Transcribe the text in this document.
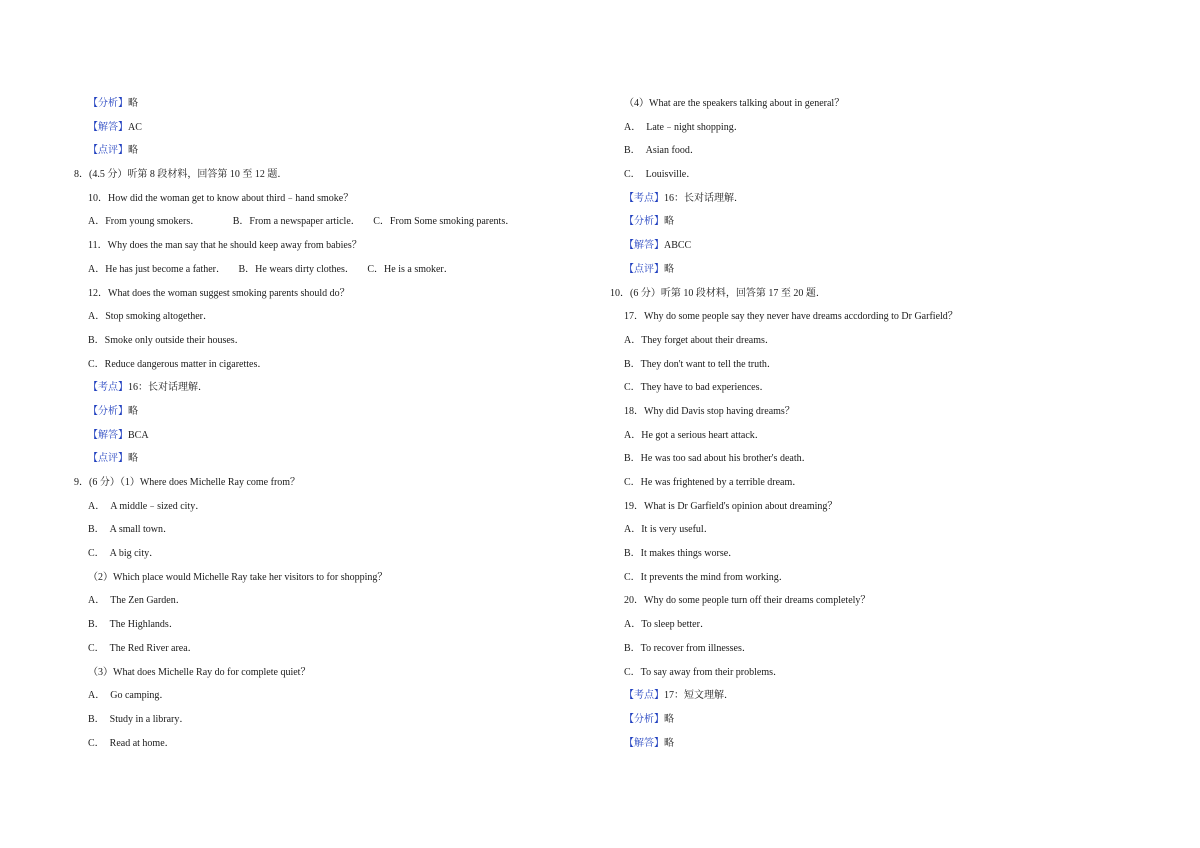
【分析】略
【解答】AC
【点评】略
8．(4.5 分）听第 8 段材料，回答第 10 至 12 题．
10．How did the woman get to know about third﹣hand smoke？
A．From young smokers．	B．From a newspaper article． C．From Some smoking parents．
11．Why does the man say that he should keep away from babies？
A．He has just become a father． B．He wears dirty clothes． C．He is a smoker．
12．What does the woman suggest smoking parents should do？
A．Stop smoking altogether．
B．Smoke only outside their houses．
C．Reduce dangerous matter in cigarettes．
【考点】16：长对话理解．
【分析】略
【解答】BCA
【点评】略
9．(6 分）（1）Where does Michelle Ray come from？
A．　A middle﹣sized city．
B．　A small town．
C．　A big city．
（2）Which place would Michelle Ray take her visitors to for shopping？
A．　The Zen Garden．
B．　The Highlands．
C．　The Red River area．
（3）What does Michelle Ray do for complete quiet？
A．　Go camping．
B．　Study in a library．
C．　Read at home．
（4）What are the speakers talking about in general？
A．　Late﹣night shopping．
B．　Asian food．
C．　Louisville．
【考点】16：长对话理解．
【分析】略
【解答】ABCC
【点评】略
10．(6 分）听第 10 段材料，回答第 17 至 20 题．
17．Why do some people say they never have dreams accdording to Dr Garfield？
A．They forget about their dreams．
B．They don't want to tell the truth．
C．They have to bad experiences．
18．Why did Davis stop having dreams？
A．He got a serious heart attack．
B．He was too sad about his brother's death．
C．He was frightened by a terrible dream．
19．What is Dr Garfield's opinion about dreaming？
A．It is very useful．
B．It makes things worse．
C．It prevents the mind from working．
20．Why do some people turn off their dreams completely？
A．To sleep better．
B．To recover from illnesses．
C．To say away from their problems．
【考点】17：短文理解．
【分析】略
【解答】略
